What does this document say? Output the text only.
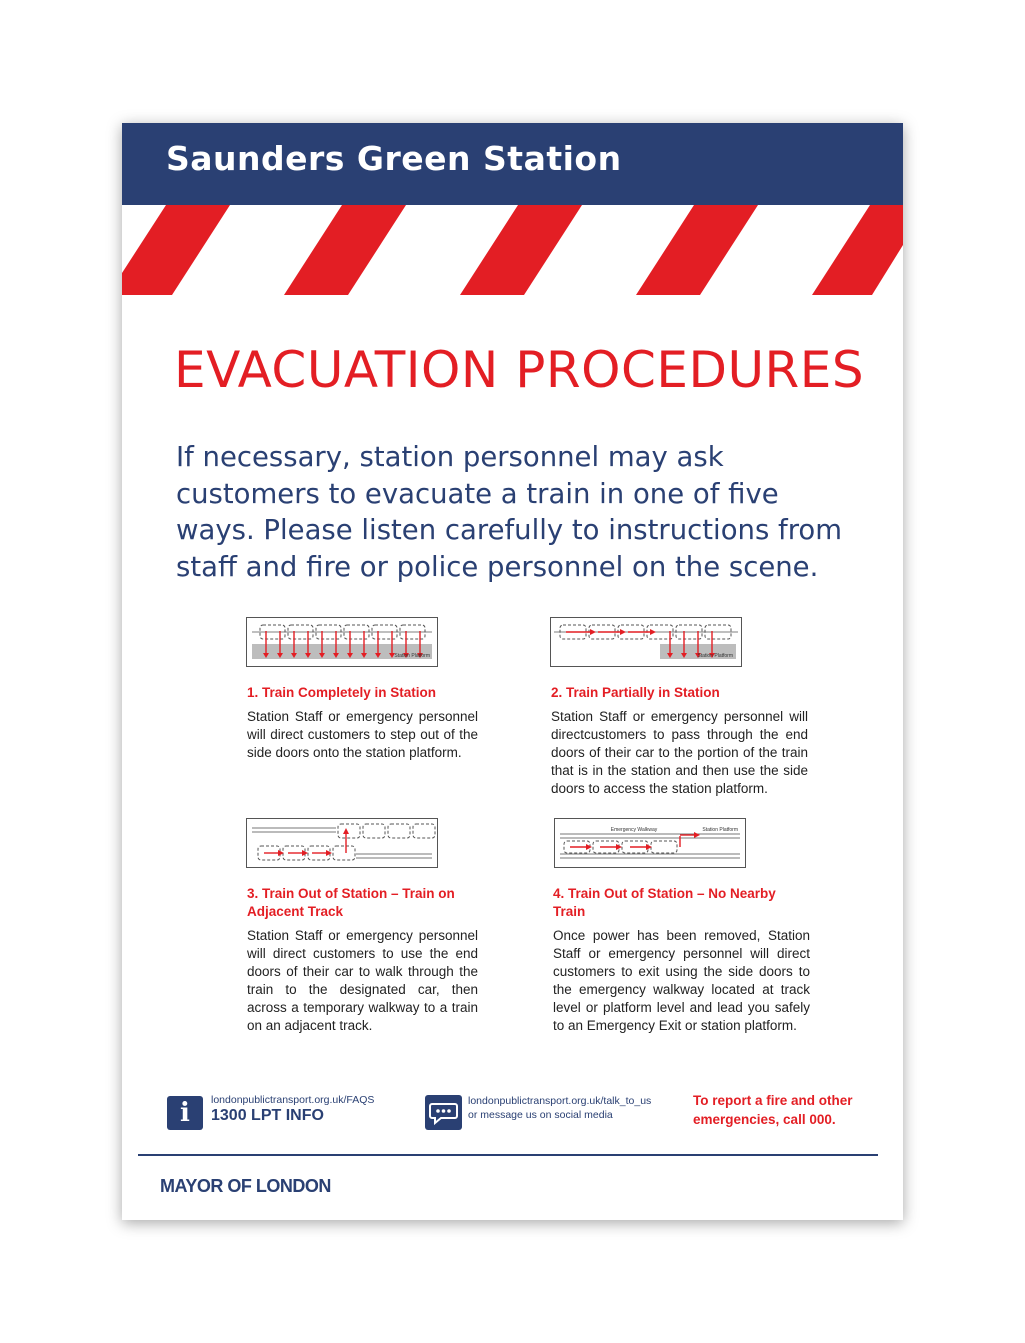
Saunders Green Station
EVACUATION PROCEDURES
If necessary, station personnel may ask customers to evacuate a train in one of five ways. Please listen carefully to instructions from staff and fire or police personnel on the scene.
Station Platform	Station Platform
1. Train Completely in Station
Station Staff or emergency personnel will direct customers to step out of the side doors onto the station platform.
2. Train Partially in Station
Station Staff or emergency personnel will directcustomers to pass through the end doors of their car to the portion of the train that is in the station and then use the side doors to access the station platform.
Emergency Walkway	Station Platform
3. Train Out of Station – Train on Adjacent Track
Station Staff or emergency personnel will direct customers to use the end doors of their car to walk through the train to the designated car, then across a temporary walkway to a train on an adjacent track.
4. Train Out of Station – No Nearby Train
Once power has been removed, Station Staff or emergency personnel will direct customers to exit using the side doors to the emergency walkway located at track level or platform level and lead you safely to an Emergency Exit or station platform.
i	londonpublictransport.org.uk/FAQS
1300 LPT INFO
londonpublictransport.org.uk/talk_to_us
or message us on social media
To report a fire and other
emergencies, call 000.
MAYOR OF LONDON
